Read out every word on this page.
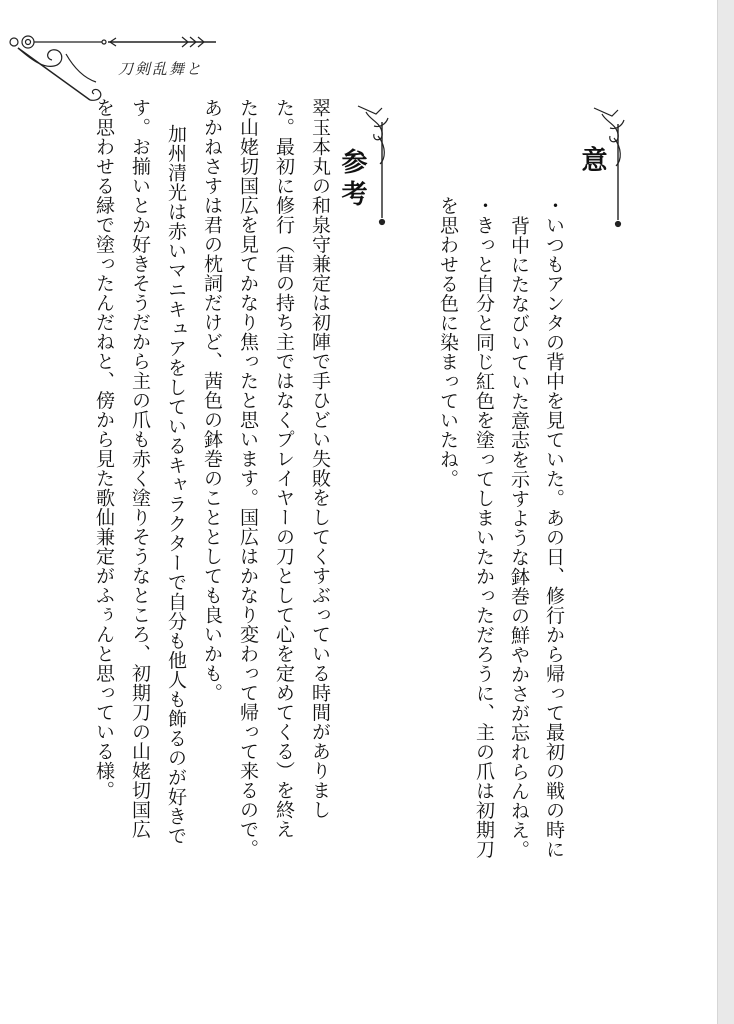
刀剣乱舞と
意
参考
・いつもアンタの背中を見ていた。あの日、修行から帰って最初の戦の時に
背中にたなびいていた意志を示すような鉢巻の鮮やかさが忘れらんねえ。
・きっと自分と同じ紅色を塗ってしまいたかっただろうに、主の爪は初期刀
を思わせる色に染まっていたね。
翠玉本丸の和泉守兼定は初陣で手ひどい失敗をしてくすぶっている時間がありまし
た。最初に修行（昔の持ち主ではなくプレイヤーの刀として心を定めてくる）を終え
た山姥切国広を見てかなり焦ったと思います。国広はかなり変わって帰って来るので。
あかねさすは君の枕詞だけど、茜色の鉢巻のこととしても良いかも。
加州清光は赤いマニキュアをしているキャラクターで自分も他人も飾るのが好きで
す。お揃いとか好きそうだから主の爪も赤く塗りそうなところ、初期刀の山姥切国広
を思わせる緑で塗ったんだねと、傍から見た歌仙兼定がふぅんと思っている様。
